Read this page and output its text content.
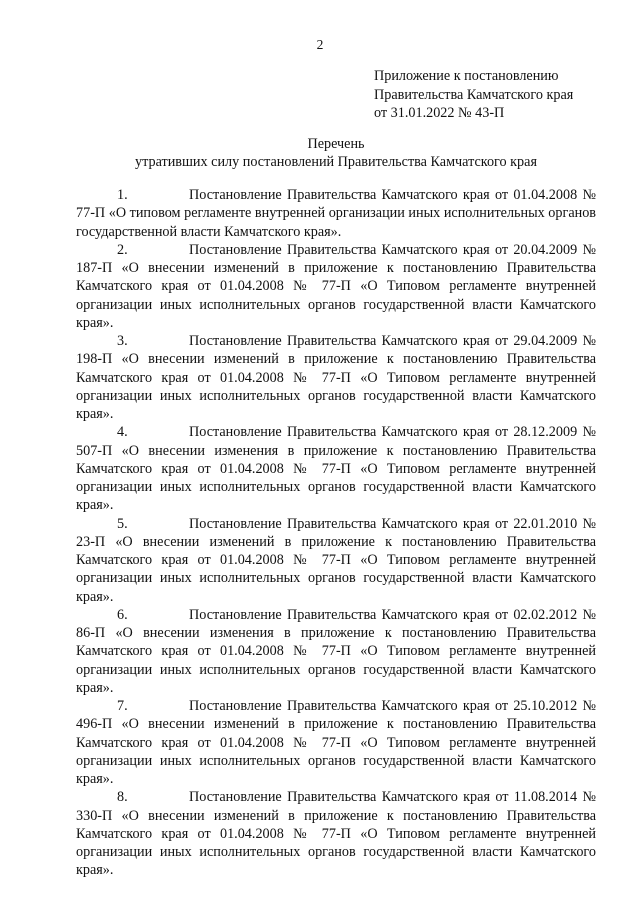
2
Приложение к постановлению
Правительства Камчатского края
от 31.01.2022 № 43-П
Перечень
утративших силу постановлений Правительства Камчатского края

1.	Постановление Правительства Камчатского края от 01.04.2008 № 77-П «О типовом регламенте внутренней организации иных исполнительных органов государственной власти Камчатского края».

2.	Постановление Правительства Камчатского края от 20.04.2009 № 187-П «О внесении изменений в приложение к постановлению Правительства Камчатского края от 01.04.2008 № 77-П «О Типовом регламенте внутренней организации иных исполнительных органов государственной власти Камчатского края».

3.	Постановление Правительства Камчатского края от 29.04.2009 № 198-П «О внесении изменений в приложение к постановлению Правительства Камчатского края от 01.04.2008 № 77-П «О Типовом регламенте внутренней организации иных исполнительных органов государственной власти Камчатского края».

4.	Постановление Правительства Камчатского края от 28.12.2009 № 507-П «О внесении изменения в приложение к постановлению Правительства Камчатского края от 01.04.2008 № 77-П «О Типовом регламенте внутренней организации иных исполнительных органов государственной власти Камчатского края».

5.	Постановление Правительства Камчатского края от 22.01.2010 № 23-П «О внесении изменений в приложение к постановлению Правительства Камчатского края от 01.04.2008 № 77-П «О Типовом регламенте внутренней организации иных исполнительных органов государственной власти Камчатского края».

6.	Постановление Правительства Камчатского края от 02.02.2012 № 86-П «О внесении изменения в приложение к постановлению Правительства Камчатского края от 01.04.2008 № 77-П «О Типовом регламенте внутренней организации иных исполнительных органов государственной власти Камчатского края».

7.	Постановление Правительства Камчатского края от 25.10.2012 № 496-П «О внесении изменений в приложение к постановлению Правительства Камчатского края от 01.04.2008 № 77-П «О Типовом регламенте внутренней организации иных исполнительных органов государственной власти Камчатского края».

8.	Постановление Правительства Камчатского края от 11.08.2014 № 330-П «О внесении изменений в приложение к постановлению Правительства Камчатского края от 01.04.2008 № 77-П «О Типовом регламенте внутренней организации иных исполнительных органов государственной власти Камчатского края».
